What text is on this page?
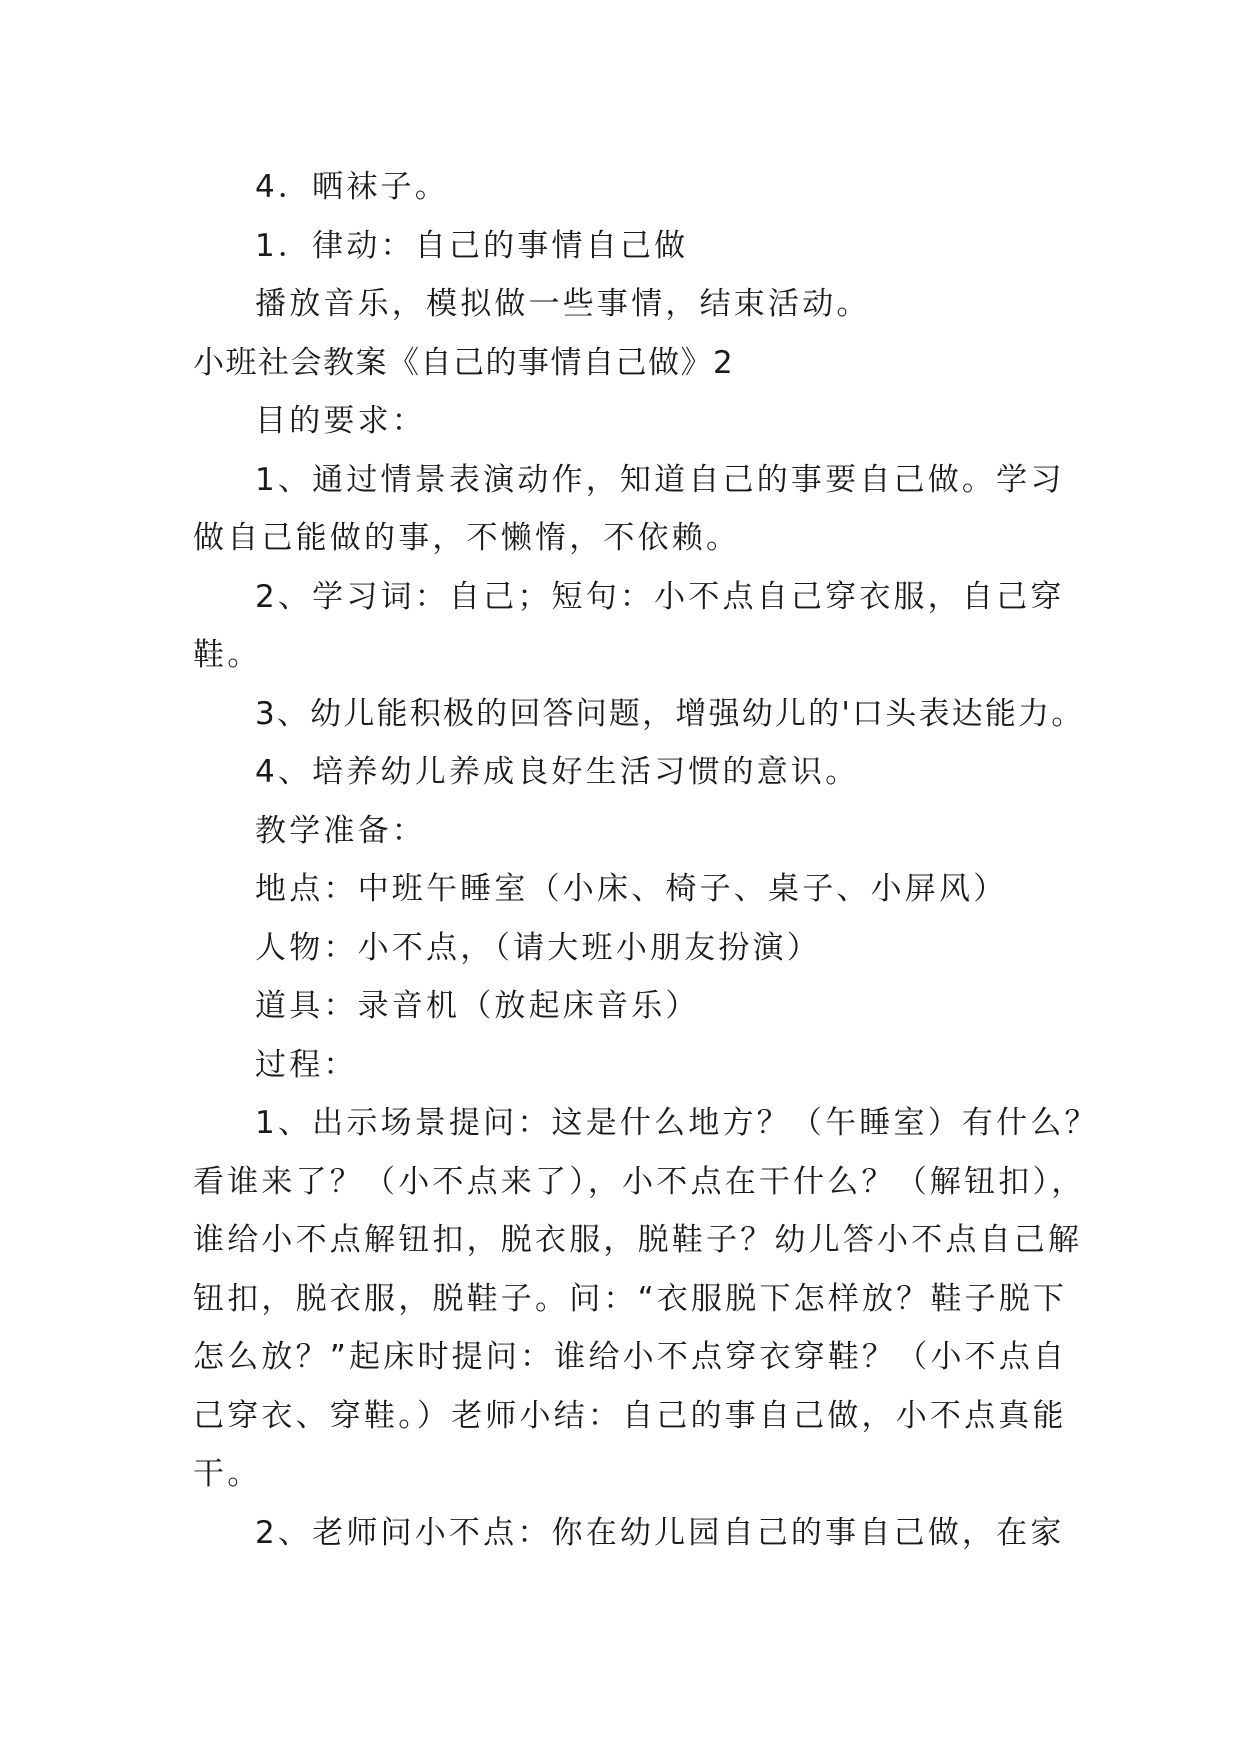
4．晒袜子。

1．律动：自己的事情自己做

播放音乐，模拟做一些事情，结束活动。

小班社会教案《自己的事情自己做》2

目的要求：

1、通过情景表演动作，知道自己的事要自己做。学习
做自己能做的事，不懒惰，不依赖。

2、学习词：自己；短句：小不点自己穿衣服，自己穿
鞋。

3、幼儿能积极的回答问题，增强幼儿的'口头表达能力。

4、培养幼儿养成良好生活习惯的意识。

教学准备：

地点：中班午睡室（小床、椅子、桌子、小屏风）

人物：小不点，（请大班小朋友扮演）

道具：录音机（放起床音乐）

过程：

1、出示场景提问：这是什么地方？（午睡室）有什么？
看谁来了？（小不点来了），小不点在干什么？（解钮扣），
谁给小不点解钮扣，脱衣服，脱鞋子？幼儿答小不点自己解
钮扣，脱衣服，脱鞋子。问：“衣服脱下怎样放？鞋子脱下
怎么放？”起床时提问：谁给小不点穿衣穿鞋？（小不点自
己穿衣、穿鞋。）老师小结：自己的事自己做，小不点真能
干。

2、老师问小不点：你在幼儿园自己的事自己做，在家
